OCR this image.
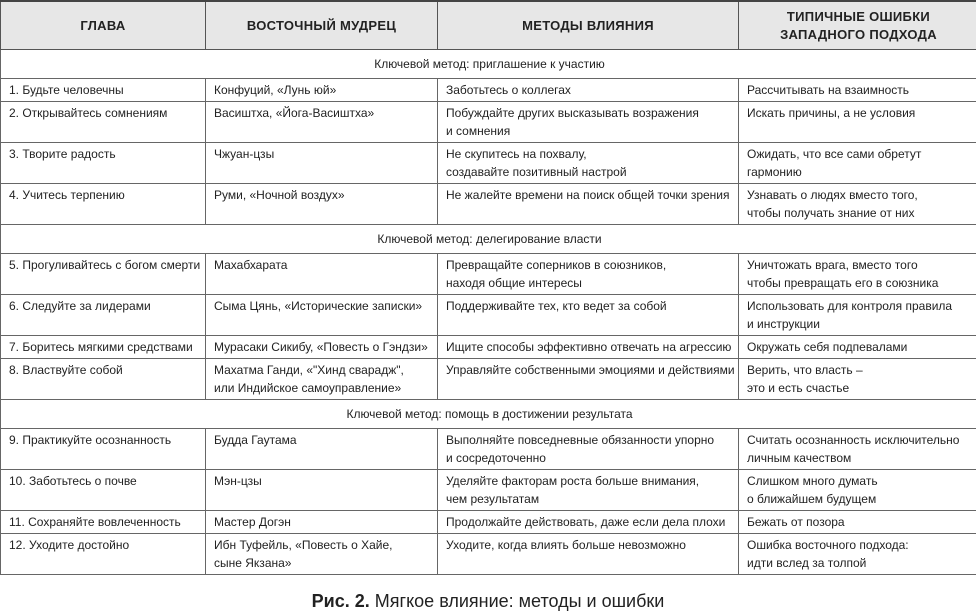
ГЛАВА	ВОСТОЧНЫЙ МУДРЕЦ	МЕТОДЫ ВЛИЯНИЯ	ТИПИЧНЫЕ ОШИБКИ
ЗАПАДНОГО ПОДХОДА

Ключевой метод: приглашение к участию			

1. Будьте человечны	Конфуций, «Лунь юй»	Заботьтесь о коллегах	Рассчитывать на взаимность

2. Открывайтесь сомнениям	Васиштха, «Йога-Васиштха»	Побуждайте других высказывать возражения
и сомнения	Искать причины, а не условия

3. Творите радость	Чжуан-цзы	Не скупитесь на похвалу,
создавайте позитивный настрой	Ожидать, что все сами обретут
гармонию

4. Учитесь терпению	Руми, «Ночной воздух»	Не жалейте времени на поиск общей точки зрения	Узнавать о людях вместо того,
чтобы получать знание от них

Ключевой метод: делегирование власти			

5. Прогуливайтесь с богом смерти	Махабхарата	Превращайте соперников в союзников,
находя общие интересы	Уничтожать врага, вместо того
чтобы превращать его в союзника

6. Следуйте за лидерами	Сыма Цянь, «Исторические записки»	Поддерживайте тех, кто ведет за собой	Использовать для контроля правила
и инструкции

7. Боритесь мягкими средствами	Мурасаки Сикибу, «Повесть о Гэндзи»	Ищите способы эффективно отвечать на агрессию	Окружать себя подпевалами

8. Властвуйте собой	Махатма Ганди, «"Хинд сварадж",
или Индийское самоуправление»	Управляйте собственными эмоциями и действиями	Верить, что власть –
это и есть счастье

Ключевой метод: помощь в достижении результата			

9. Практикуйте осознанность	Будда Гаутама	Выполняйте повседневные обязанности упорно
и сосредоточенно	Считать осознанность исключительно
личным качеством

10. Заботьтесь о почве	Мэн-цзы	Уделяйте факторам роста больше внимания,
чем результатам	Слишком много думать
о ближайшем будущем

11. Сохраняйте вовлеченность	Мастер Догэн	Продолжайте действовать, даже если дела плохи	Бежать от позора

12. Уходите достойно	Ибн Туфейль, «Повесть о Хайе,
сыне Якзана»	Уходите, когда влиять больше невозможно	Ошибка восточного подхода:
идти вслед за толпой
Рис. 2. Мягкое влияние: методы и ошибки
